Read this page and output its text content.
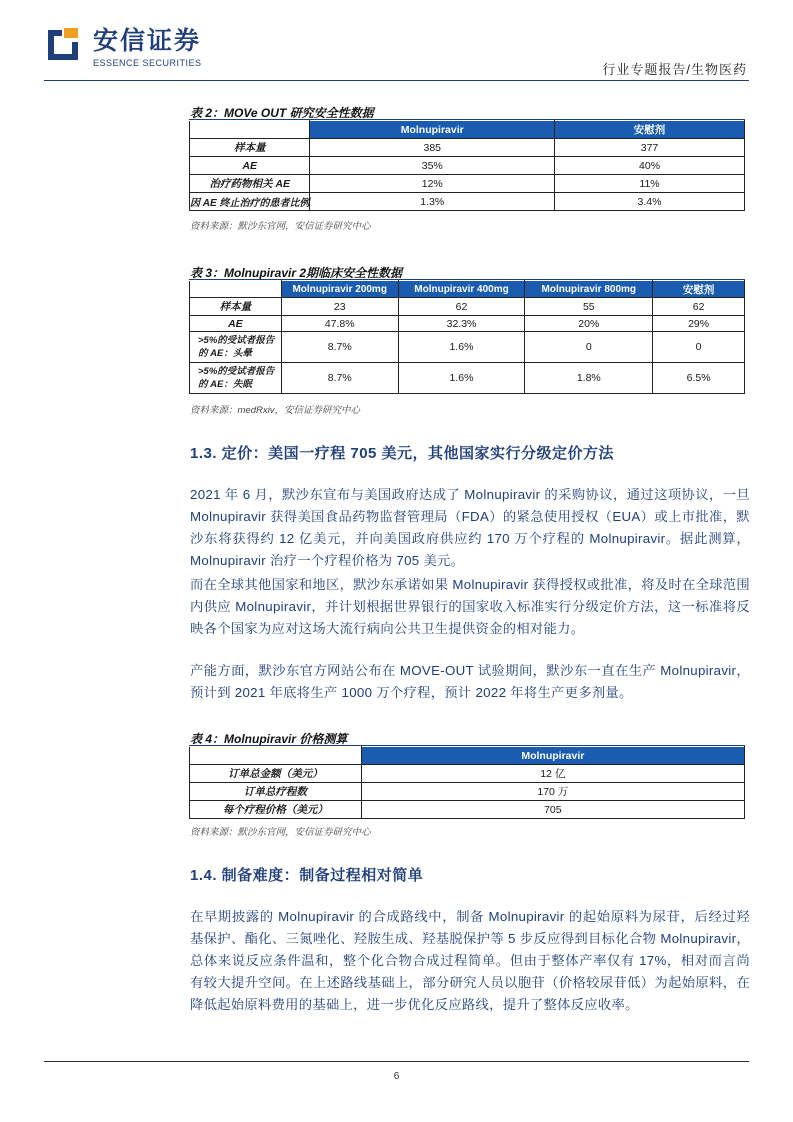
安信证券
ESSENCE SECURITIES	行业专题报告/生物医药
表 2：MOVe OUT 研究安全性数据
	Molnupiravir	安慰剂
样本量	385	377
AE	35%	40%
治疗药物相关 AE	12%	11%
因 AE 终止治疗的患者比例	1.3%	3.4%
资料来源：默沙东官网，安信证券研究中心
表 3：Molnupiravir 2期临床安全性数据
	Molnupiravir 200mg	Molnupiravir 400mg	Molnupiravir 800mg	安慰剂
样本量	23	62	55	62
AE	47.8%	32.3%	20%	29%
>5%的受试者报告的 AE：头晕	8.7%	1.6%	0	0
>5%的受试者报告的 AE：失眠	8.7%	1.6%	1.8%	6.5%
资料来源：medRxiv，安信证券研究中心
1.3. 定价：美国一疗程 705 美元，其他国家实行分级定价方法
2021 年 6 月，默沙东宣布与美国政府达成了 Molnupiravir 的采购协议，通过这项协议，一旦 Molnupiravir 获得美国食品药物监督管理局（FDA）的紧急使用授权（EUA）或上市批准，默沙东将获得约 12 亿美元，并向美国政府供应约 170 万个疗程的 Molnupiravir。据此测算，Molnupiravir 治疗一个疗程价格为 705 美元。
而在全球其他国家和地区，默沙东承诺如果 Molnupiravir 获得授权或批准，将及时在全球范围内供应 Molnupiravir，并计划根据世界银行的国家收入标准实行分级定价方法，这一标准将反映各个国家为应对这场大流行病向公共卫生提供资金的相对能力。
产能方面，默沙东官方网站公布在 MOVE-OUT 试验期间，默沙东一直在生产 Molnupiravir，预计到 2021 年底将生产 1000 万个疗程，预计 2022 年将生产更多剂量。
表 4：Molnupiravir 价格测算
	Molnupiravir
订单总金额（美元）	12 亿
订单总疗程数	170 万
每个疗程价格（美元）	705
资料来源：默沙东官网，安信证券研究中心
1.4. 制备难度：制备过程相对简单
在早期披露的 Molnupiravir 的合成路线中，制备 Molnupiravir 的起始原料为尿苷，后经过羟基保护、酯化、三氮唑化、羟胺生成、羟基脱保护等 5 步反应得到目标化合物 Molnupiravir，总体来说反应条件温和，整个化合物合成过程简单。但由于整体产率仅有 17%，相对而言尚有较大提升空间。在上述路线基础上，部分研究人员以胞苷（价格较尿苷低）为起始原料，在降低起始原料费用的基础上，进一步优化反应路线，提升了整体反应收率。
6
